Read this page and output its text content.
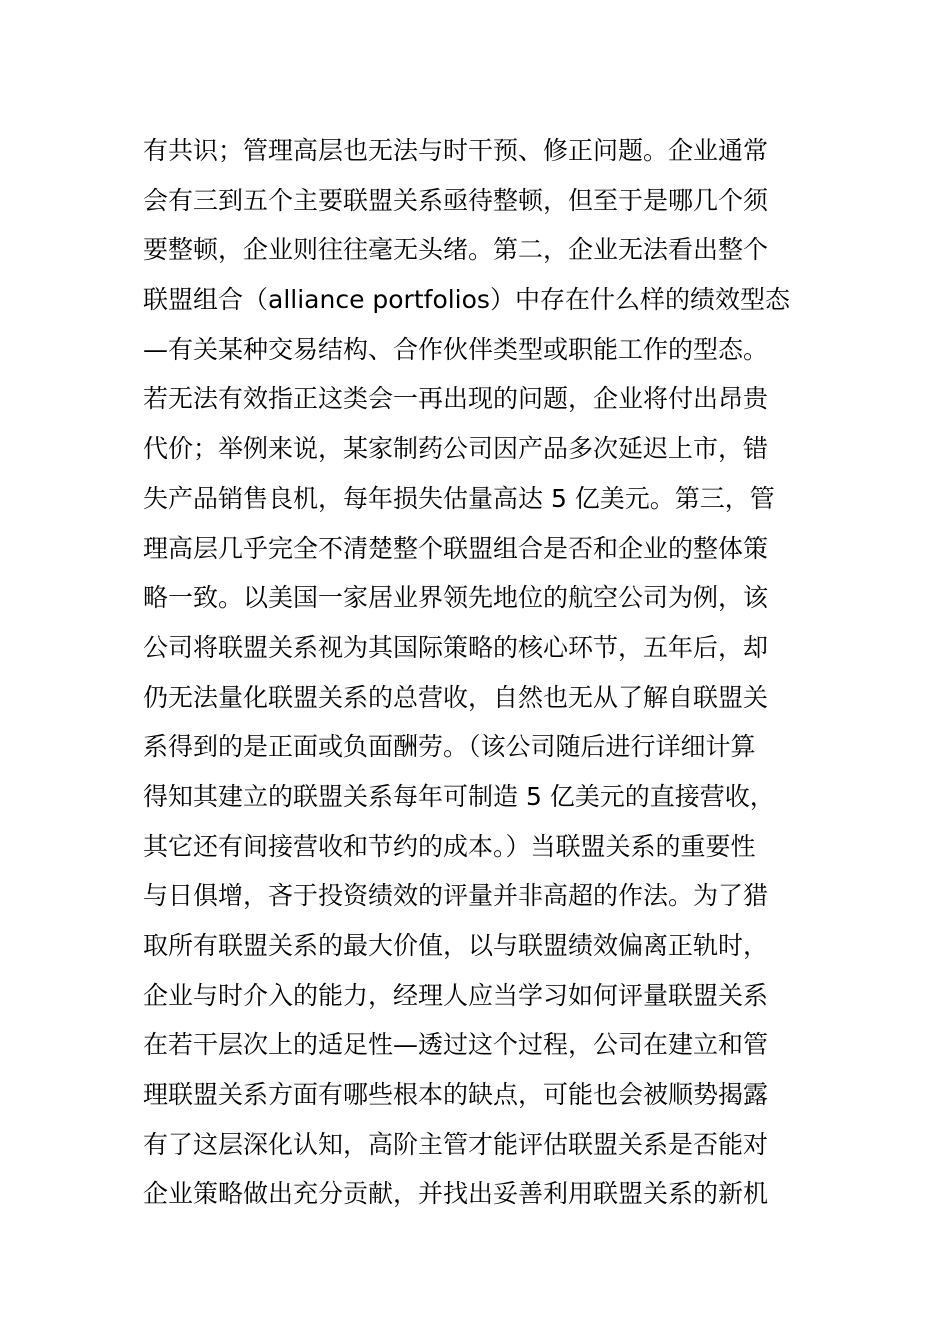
有共识；管理高层也无法与时干预、修正问题。企业通常
会有三到五个主要联盟关系亟待整顿，但至于是哪几个须
要整顿，企业则往往毫无头绪。第二，企业无法看出整个
联盟组合（alliance portfolios）中存在什么样的绩效型态
—有关某种交易结构、合作伙伴类型或职能工作的型态。
若无法有效指正这类会一再出现的问题，企业将付出昂贵
代价；举例来说，某家制药公司因产品多次延迟上市，错
失产品销售良机，每年损失估量高达 5 亿美元。第三，管
理高层几乎完全不清楚整个联盟组合是否和企业的整体策
略一致。以美国一家居业界领先地位的航空公司为例，该
公司将联盟关系视为其国际策略的核心环节，五年后，却
仍无法量化联盟关系的总营收，自然也无从了解自联盟关
系得到的是正面或负面酬劳。（该公司随后进行详细计算
得知其建立的联盟关系每年可制造 5 亿美元的直接营收，
其它还有间接营收和节约的成本。）当联盟关系的重要性
与日俱增，吝于投资绩效的评量并非高超的作法。为了猎
取所有联盟关系的最大价值，以与联盟绩效偏离正轨时，
企业与时介入的能力，经理人应当学习如何评量联盟关系
在若干层次上的适足性—透过这个过程，公司在建立和管
理联盟关系方面有哪些根本的缺点，可能也会被顺势揭露
有了这层深化认知，高阶主管才能评估联盟关系是否能对
企业策略做出充分贡献，并找出妥善利用联盟关系的新机
